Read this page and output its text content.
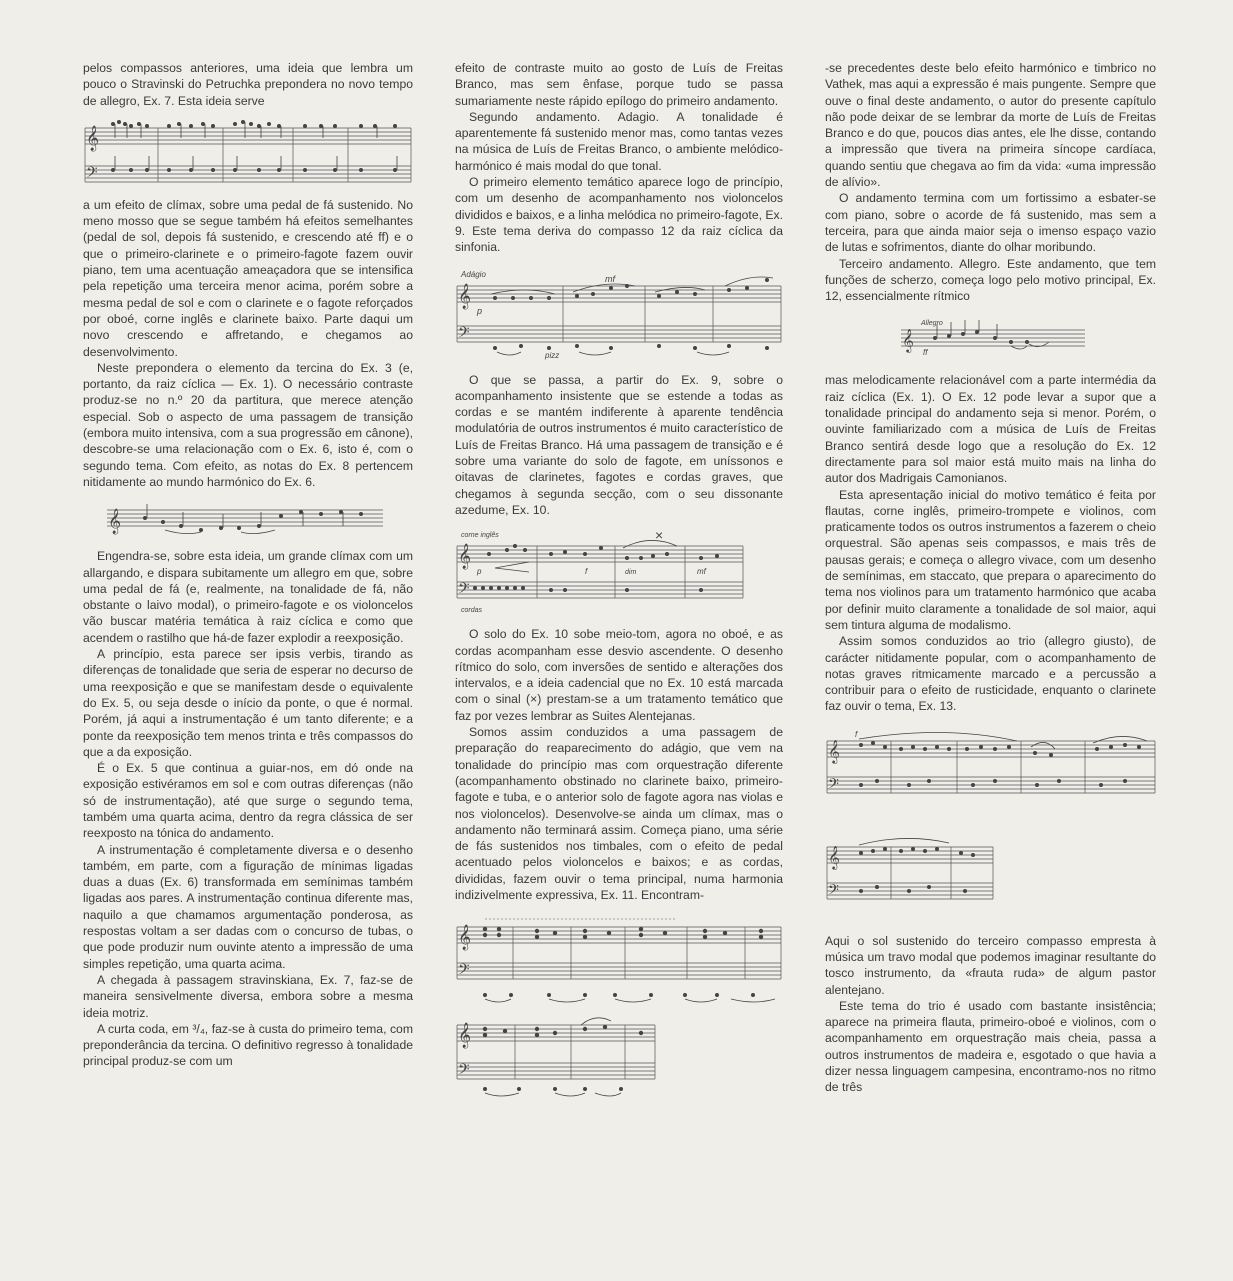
pelos compassos anteriores, uma ideia que lembra um pouco o Stravinski do Petruchka prepondera no novo tempo de allegro, Ex. 7. Esta ideia serve

𝄞
𝄢

a um efeito de clímax, sobre uma pedal de fá sustenido. No meno mosso que se segue também há efeitos semelhantes (pedal de sol, depois fá sustenido, e crescendo até ff) e o que o primeiro-clarinete e o primeiro-fagote fazem ouvir piano, tem uma acentuação ameaçadora que se intensifica pela repetição uma terceira menor acima, porém sobre a mesma pedal de sol e com o clarinete e o fagote reforçados por oboé, corne inglês e clarinete baixo. Parte daqui um novo crescendo e affretando, e chegamos ao desenvolvimento.

Neste prepondera o elemento da tercina do Ex. 3 (e, portanto, da raiz cíclica — Ex. 1). O necessário contraste produz-se no n.º 20 da partitura, que merece atenção especial. Sob o aspecto de uma passagem de transição (embora muito intensiva, com a sua progressão em cânone), descobre-se uma relacionação com o Ex. 6, isto é, com o segundo tema. Com efeito, as notas do Ex. 8 pertencem nitidamente ao mundo harmónico do Ex. 6.

𝄞

Engendra-se, sobre esta ideia, um grande clímax com um allargando, e dispara subitamente um allegro em que, sobre uma pedal de fá (e, realmente, na tonalidade de fá, não obstante o laivo modal), o primeiro-fagote e os violoncelos vão buscar matéria temática à raiz cíclica e como que acendem o rastilho que há-de fazer explodir a reexposição.

A princípio, esta parece ser ipsis verbis, tirando as diferenças de tonalidade que seria de esperar no decurso de uma reexposição e que se manifestam desde o equivalente do Ex. 5, ou seja desde o início da ponte, o que é normal. Porém, já aqui a instrumentação é um tanto diferente; e a ponte da reexposição tem menos trinta e três compassos do que a da exposição.

É o Ex. 5 que continua a guiar-nos, em dó onde na exposição estivéramos em sol e com outras diferenças (não só de instrumentação), até que surge o segundo tema, também uma quarta acima, dentro da regra clássica de ser reexposto na tónica do andamento.

A instrumentação é completamente diversa e o desenho também, em parte, com a figuração de mínimas ligadas duas a duas (Ex. 6) transformada em semínimas também ligadas aos pares. A instrumentação continua diferente mas, naquilo a que chamamos argumentação ponderosa, as respostas voltam a ser dadas com o concurso de tubas, o que pode produzir num ouvinte atento a impressão de uma simples repetição, uma quarta acima.

A chegada à passagem stravinskiana, Ex. 7, faz-se de maneira sensivelmente diversa, embora sobre a mesma ideia motriz.

A curta coda, em ³/₄, faz-se à custa do primeiro tema, com preponderância da tercina. O definitivo regresso à tonalidade principal produz-se com um

efeito de contraste muito ao gosto de Luís de Freitas Branco, mas sem ênfase, porque tudo se passa sumariamente neste rápido epílogo do primeiro andamento.

Segundo andamento. Adagio. A tonalidade é aparentemente fá sustenido menor mas, como tantas vezes na música de Luís de Freitas Branco, o ambiente melódico-harmónico é mais modal do que tonal.

O primeiro elemento temático aparece logo de princípio, com um desenho de acompanhamento nos violoncelos divididos e baixos, e a linha melódica no primeiro-fagote, Ex. 9. Este tema deriva do compasso 12 da raiz cíclica da sinfonia.

Adágio
𝄞
𝄢
p
mf
pizz

O que se passa, a partir do Ex. 9, sobre o acompanhamento insistente que se estende a todas as cordas e se mantém indiferente à aparente tendência modulatória de outros instrumentos é muito característico de Luís de Freitas Branco. Há uma passagem de transição e é sobre uma variante do solo de fagote, em uníssonos e oitavas de clarinetes, fagotes e cordas graves, que chegamos à segunda secção, com o seu dissonante azedume, Ex. 10.

corne inglês	×
𝄞
𝄢
p	f	dim	mf
cordas

O solo do Ex. 10 sobe meio-tom, agora no oboé, e as cordas acompanham esse desvio ascendente. O desenho rítmico do solo, com inversões de sentido e alterações dos intervalos, e a ideia cadencial que no Ex. 10 está marcada com o sinal (×) prestam-se a um tratamento temático que faz por vezes lembrar as Suites Alentejanas.

Somos assim conduzidos a uma passagem de preparação do reaparecimento do adágio, que vem na tonalidade do princípio mas com orquestração diferente (acompanhamento obstinado no clarinete baixo, primeiro-fagote e tuba, e o anterior solo de fagote agora nas violas e nos violoncelos). Desenvolve-se ainda um clímax, mas o andamento não terminará assim. Começa piano, uma série de fás sustenidos nos timbales, com o efeito de pedal acentuado pelos violoncelos e baixos; e as cordas, divididas, fazem ouvir o tema principal, numa harmonia indizivelmente expressiva, Ex. 11. Encontram-

𝄞
𝄢
𝄞
𝄢

-se precedentes deste belo efeito harmónico e timbrico no Vathek, mas aqui a expressão é mais pungente. Sempre que ouve o final deste andamento, o autor do presente capítulo não pode deixar de se lembrar da morte de Luís de Freitas Branco e do que, poucos dias antes, ele lhe disse, contando a impressão que tivera na primeira síncope cardíaca, quando sentiu que chegava ao fim da vida: «uma impressão de alívio».

O andamento termina com um fortissimo a esbater-se com piano, sobre o acorde de fá sustenido, mas sem a terceira, para que ainda maior seja o imenso espaço vazio de lutas e sofrimentos, diante do olhar moribundo.

Terceiro andamento. Allegro. Este andamento, que tem funções de scherzo, começa logo pelo motivo principal, Ex. 12, essencialmente rítmico

Allegro
𝄞
ff

mas melodicamente relacionável com a parte intermédia da raiz cíclica (Ex. 1). O Ex. 12 pode levar a supor que a tonalidade principal do andamento seja si menor. Porém, o ouvinte familiarizado com a música de Luís de Freitas Branco sentirá desde logo que a resolução do Ex. 12 directamente para sol maior está muito mais na linha do autor dos Madrigais Camonianos.

Esta apresentação inicial do motivo temático é feita por flautas, corne inglês, primeiro-trompete e violinos, com praticamente todos os outros instrumentos a fazerem o cheio orquestral. São apenas seis compassos, e mais três de pausas gerais; e começa o allegro vivace, com um desenho de semínimas, em staccato, que prepara o aparecimento do tema nos violinos para um tratamento harmónico que acaba por definir muito claramente a tonalidade de sol maior, aqui sem tintura alguma de modalismo.

Assim somos conduzidos ao trio (allegro giusto), de carácter nitidamente popular, com o acompanhamento de notas graves ritmicamente marcado e a percussão a contribuir para o efeito de rusticidade, enquanto o clarinete faz ouvir o tema, Ex. 13.

f
𝄞
𝄢
𝄞
𝄢

Aqui o sol sustenido do terceiro compasso empresta à música um travo modal que podemos imaginar resultante do tosco instrumento, da «frauta ruda» de algum pastor alentejano.

Este tema do trio é usado com bastante insistência; aparece na primeira flauta, primeiro-oboé e violinos, com o acompanhamento em orquestração mais cheia, passa a outros instrumentos de madeira e, esgotado o que havia a dizer nessa linguagem campesina, encontramo-nos no ritmo de três
